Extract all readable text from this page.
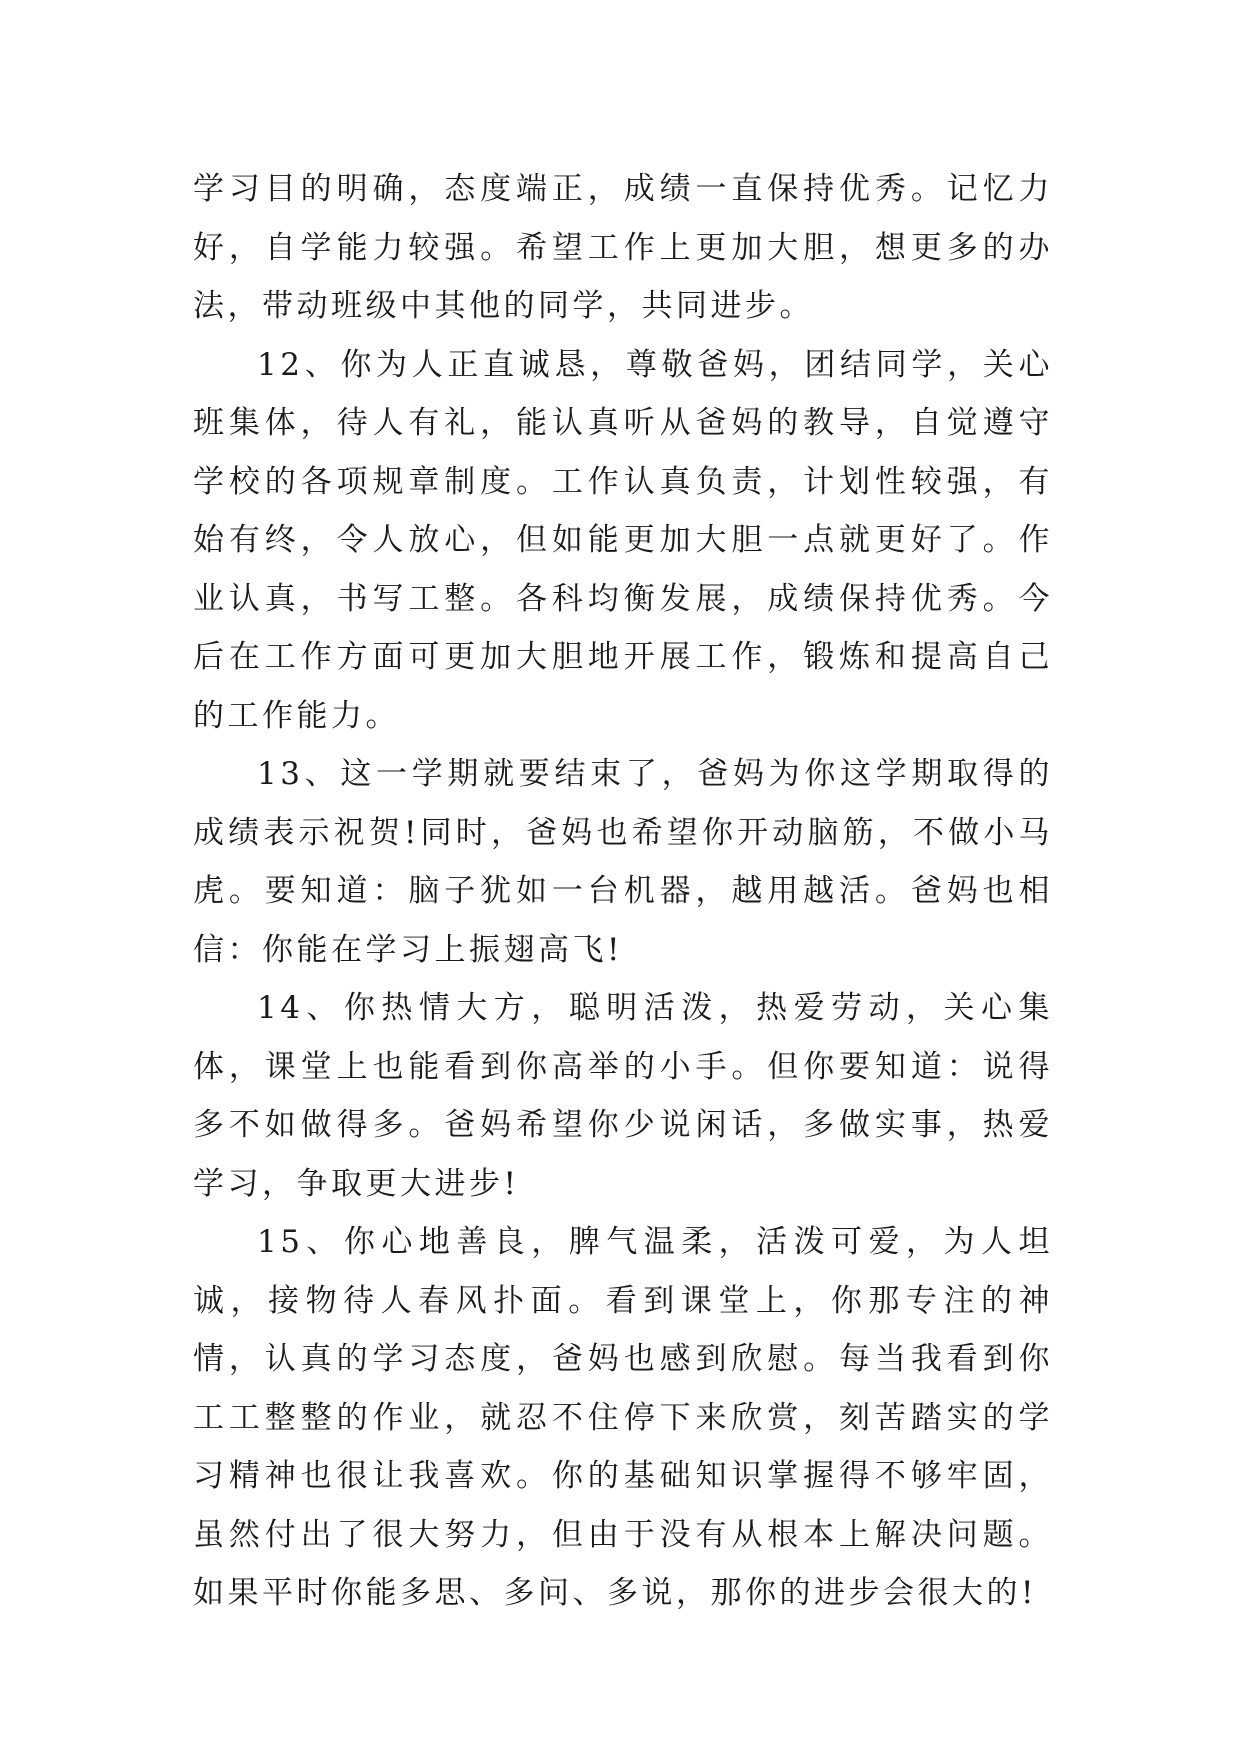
学习目的明确，态度端正，成绩一直保持优秀。记忆力好，自学能力较强。希望工作上更加大胆，想更多的办法，带动班级中其他的同学，共同进步。

12、你为人正直诚恳，尊敬爸妈，团结同学，关心班集体，待人有礼，能认真听从爸妈的教导，自觉遵守学校的各项规章制度。工作认真负责，计划性较强，有始有终，令人放心，但如能更加大胆一点就更好了。作业认真，书写工整。各科均衡发展，成绩保持优秀。今后在工作方面可更加大胆地开展工作，锻炼和提高自己的工作能力。

13、这一学期就要结束了，爸妈为你这学期取得的成绩表示祝贺!同时，爸妈也希望你开动脑筋，不做小马虎。要知道：脑子犹如一台机器，越用越活。爸妈也相信：你能在学习上振翅高飞!

14、你热情大方，聪明活泼，热爱劳动，关心集体，课堂上也能看到你高举的小手。但你要知道：说得多不如做得多。爸妈希望你少说闲话，多做实事，热爱学习，争取更大进步!

15、你心地善良，脾气温柔，活泼可爱，为人坦诚，接物待人春风扑面。看到课堂上，你那专注的神情，认真的学习态度，爸妈也感到欣慰。每当我看到你工工整整的作业，就忍不住停下来欣赏，刻苦踏实的学习精神也很让我喜欢。你的基础知识掌握得不够牢固，虽然付出了很大努力，但由于没有从根本上解决问题。如果平时你能多思、多问、多说，那你的进步会很大的!
